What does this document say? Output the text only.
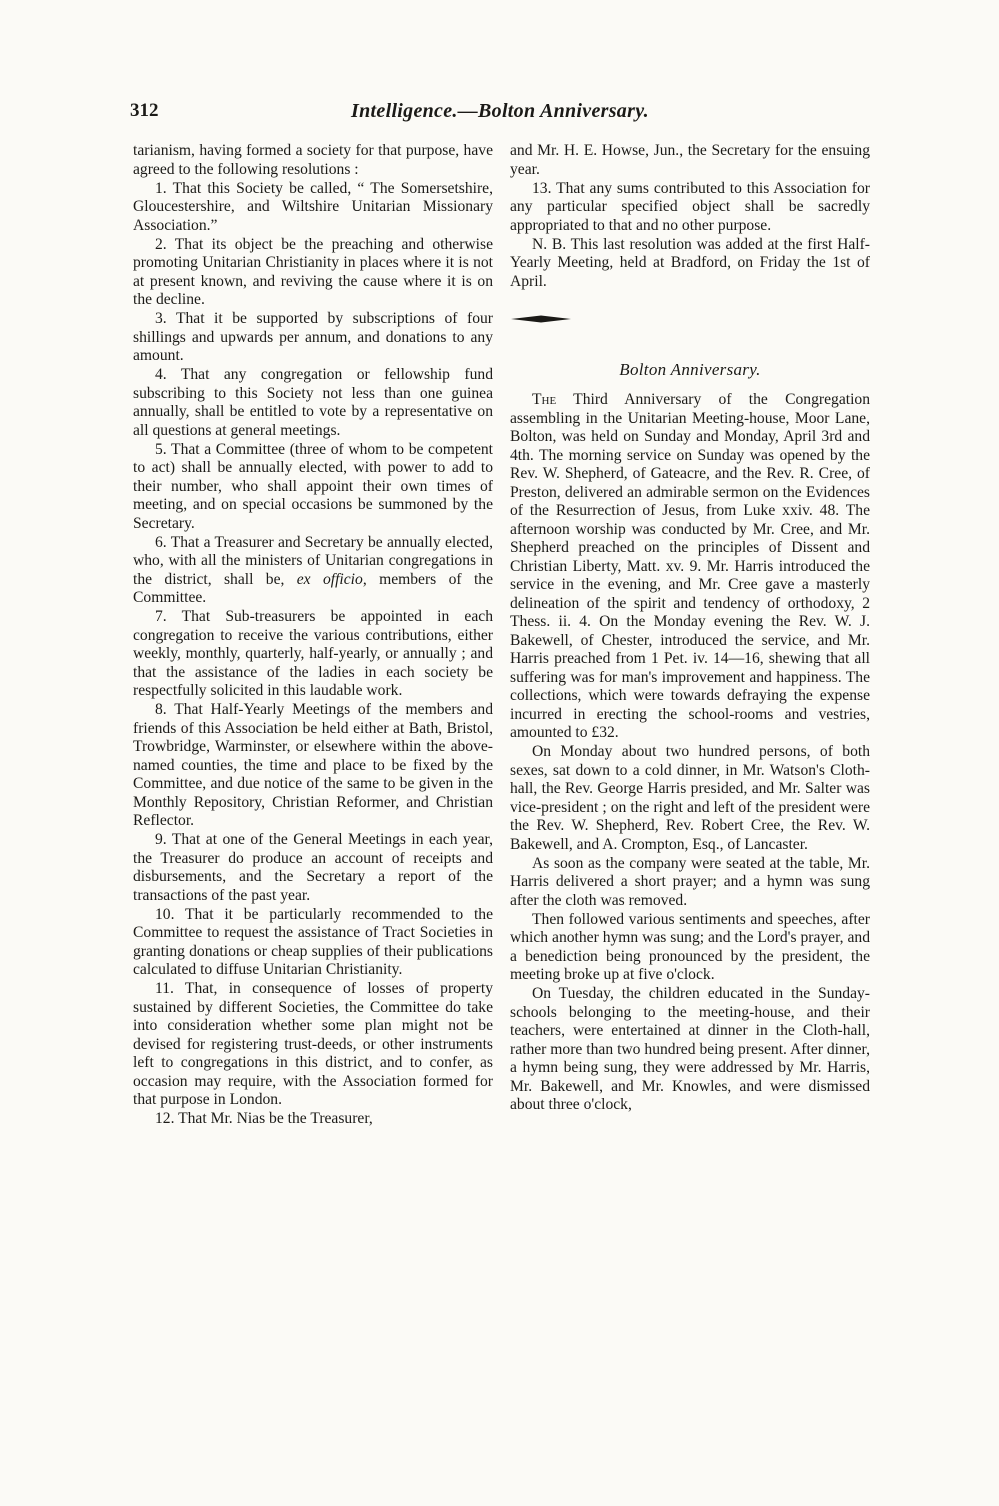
312	Intelligence.—Bolton Anniversary.

tarianism, having formed a society for that purpose, have agreed to the following resolutions :

1. That this Society be called, “ The Somersetshire, Gloucestershire, and Wiltshire Unitarian Missionary Association.”

2. That its object be the preaching and otherwise promoting Unitarian Christianity in places where it is not at present known, and reviving the cause where it is on the decline.

3. That it be supported by subscriptions of four shillings and upwards per annum, and donations to any amount.

4. That any congregation or fellowship fund subscribing to this Society not less than one guinea annually, shall be entitled to vote by a representative on all questions at general meetings.

5. That a Committee (three of whom to be competent to act) shall be annually elected, with power to add to their number, who shall appoint their own times of meeting, and on special occasions be summoned by the Secretary.

6. That a Treasurer and Secretary be annually elected, who, with all the ministers of Unitarian congregations in the district, shall be, ex officio, members of the Committee.

7. That Sub-treasurers be appointed in each congregation to receive the various contributions, either weekly, monthly, quarterly, half-yearly, or annually ; and that the assistance of the ladies in each society be respectfully solicited in this laudable work.

8. That Half-Yearly Meetings of the members and friends of this Association be held either at Bath, Bristol, Trowbridge, Warminster, or elsewhere within the above-named counties, the time and place to be fixed by the Committee, and due notice of the same to be given in the Monthly Repository, Christian Reformer, and Christian Reflector.

9. That at one of the General Meetings in each year, the Treasurer do produce an account of receipts and disbursements, and the Secretary a report of the transactions of the past year.

10. That it be particularly recommended to the Committee to request the assistance of Tract Societies in granting donations or cheap supplies of their publications calculated to diffuse Unitarian Christianity.

11. That, in consequence of losses of property sustained by different Societies, the Committee do take into consideration whether some plan might not be devised for registering trust-deeds, or other instruments left to congregations in this district, and to confer, as occasion may require, with the Association formed for that purpose in London.

12. That Mr. Nias be the Treasurer,

and Mr. H. E. Howse, Jun., the Secretary for the ensuing year.

13. That any sums contributed to this Association for any particular specified object shall be sacredly appropriated to that and no other purpose.

N. B. This last resolution was added at the first Half-Yearly Meeting, held at Bradford, on Friday the 1st of April.

Bolton Anniversary.

The Third Anniversary of the Congregation assembling in the Unitarian Meeting-house, Moor Lane, Bolton, was held on Sunday and Monday, April 3rd and 4th. The morning service on Sunday was opened by the Rev. W. Shepherd, of Gateacre, and the Rev. R. Cree, of Preston, delivered an admirable sermon on the Evidences of the Resurrection of Jesus, from Luke xxiv. 48. The afternoon worship was conducted by Mr. Cree, and Mr. Shepherd preached on the principles of Dissent and Christian Liberty, Matt. xv. 9. Mr. Harris introduced the service in the evening, and Mr. Cree gave a masterly delineation of the spirit and tendency of orthodoxy, 2 Thess. ii. 4. On the Monday evening the Rev. W. J. Bakewell, of Chester, introduced the service, and Mr. Harris preached from 1 Pet. iv. 14—16, shewing that all suffering was for man's improvement and happiness. The collections, which were towards defraying the expense incurred in erecting the school-rooms and vestries, amounted to £32.

On Monday about two hundred persons, of both sexes, sat down to a cold dinner, in Mr. Watson's Cloth-hall, the Rev. George Harris presided, and Mr. Salter was vice-president ; on the right and left of the president were the Rev. W. Shepherd, Rev. Robert Cree, the Rev. W. Bakewell, and A. Crompton, Esq., of Lancaster.

As soon as the company were seated at the table, Mr. Harris delivered a short prayer; and a hymn was sung after the cloth was removed.

Then followed various sentiments and speeches, after which another hymn was sung; and the Lord's prayer, and a benediction being pronounced by the president, the meeting broke up at five o'clock.

On Tuesday, the children educated in the Sunday-schools belonging to the meeting-house, and their teachers, were entertained at dinner in the Cloth-hall, rather more than two hundred being present. After dinner, a hymn being sung, they were addressed by Mr. Harris, Mr. Bakewell, and Mr. Knowles, and were dismissed about three o'clock,
